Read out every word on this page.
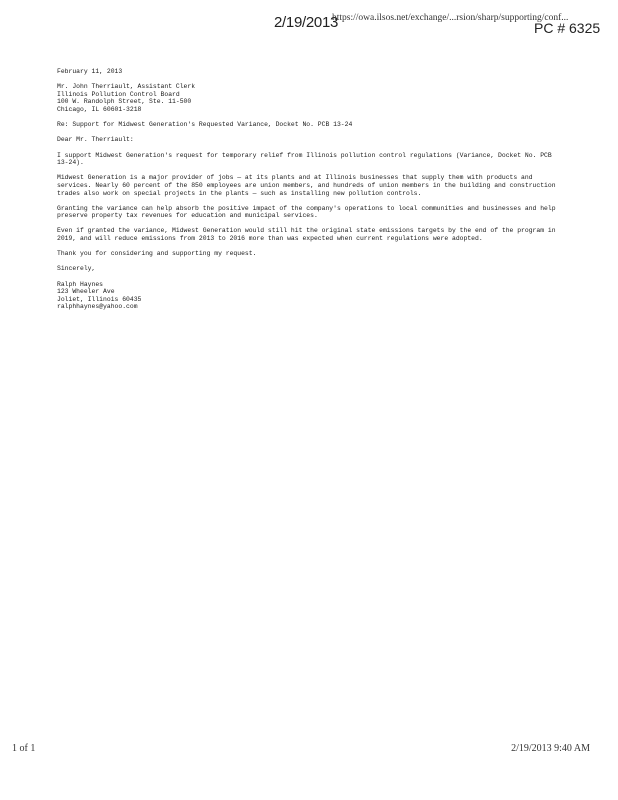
2/19/2013
https://owa.ilsos.net/exchange/...rsion/sharp/supporting/conf...
PC # 6325

February 11, 2013

Mr. John Therriault, Assistant Clerk
Illinois Pollution Control Board
100 W. Randolph Street, Ste. 11-500
Chicago, IL 60601-3218

Re: Support for Midwest Generation's Requested Variance, Docket No. PCB 13-24

Dear Mr. Therriault:

I support Midwest Generation's request for temporary relief from Illinois pollution control regulations (Variance, Docket No. PCB 13-24).

Midwest Generation is a major provider of jobs — at its plants and at Illinois businesses that supply them with products and services. Nearly 60 percent of the 850 employees are union members, and hundreds of union members in the building and construction trades also work on special projects in the plants — such as installing new pollution controls.

Granting the variance can help absorb the positive impact of the company's operations to local communities and businesses and help preserve property tax revenues for education and municipal services.

Even if granted the variance, Midwest Generation would still hit the original state emissions targets by the end of the program in 2019, and will reduce emissions from 2013 to 2016 more than was expected when current regulations were adopted.

Thank you for considering and supporting my request.

Sincerely,

Ralph Haynes
123 Wheeler Ave
Joliet, Illinois 60435
ralphhaynes@yahoo.com
1 of 1	2/19/2013 9:40 AM
